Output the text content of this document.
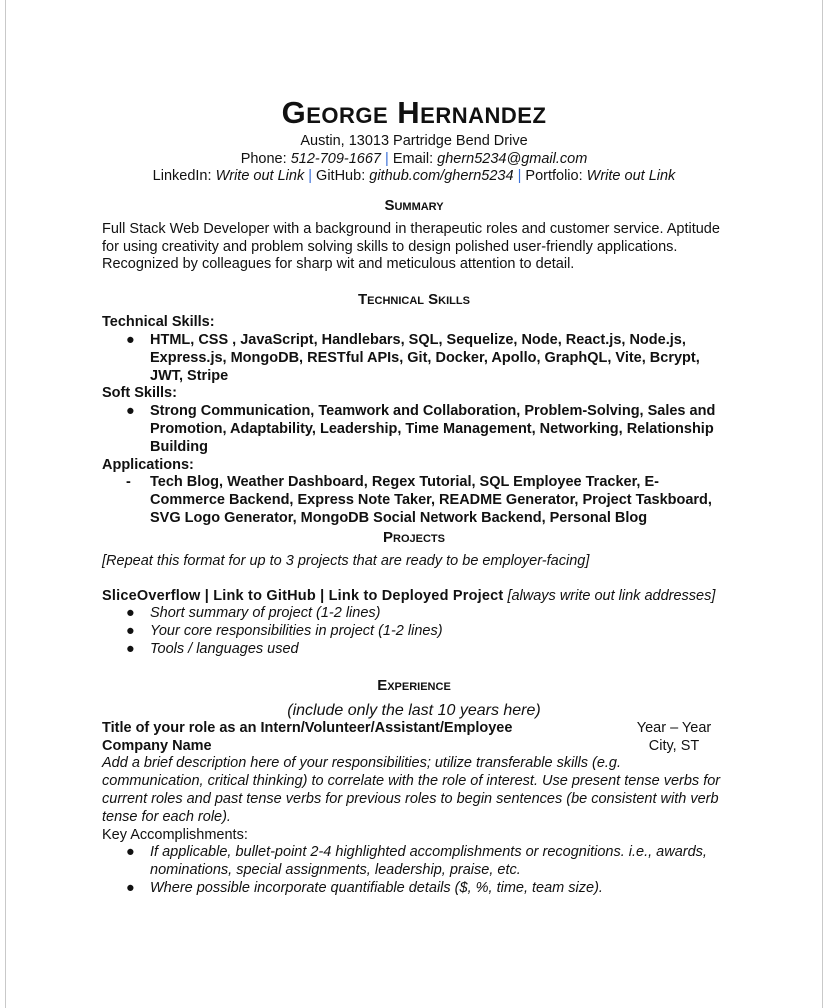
George Hernandez
Austin, 13013 Partridge Bend Drive
Phone: 512-709-1667 | Email: ghern5234@gmail.com
LinkedIn: Write out Link | GitHub: github.com/ghern5234 | Portfolio: Write out Link
Summary

Full Stack Web Developer with a background in therapeutic roles and customer service. Aptitude for using creativity and problem solving skills to design polished user-friendly applications. Recognized by colleagues for sharp wit and meticulous attention to detail.

Technical Skills
Technical Skills:
● HTML, CSS , JavaScript, Handlebars, SQL, Sequelize, Node, React.js, Node.js, Express.js, MongoDB, RESTful APIs, Git, Docker, Apollo, GraphQL, Vite, Bcrypt, JWT, Stripe
Soft Skills:
● Strong Communication, Teamwork and Collaboration, Problem-Solving, Sales and Promotion, Adaptability, Leadership, Time Management, Networking, Relationship Building
Applications:
- Tech Blog, Weather Dashboard, Regex Tutorial, SQL Employee Tracker, E-Commerce Backend, Express Note Taker, README Generator, Project Taskboard, SVG Logo Generator, MongoDB Social Network Backend, Personal Blog
Projects

[Repeat this format for up to 3 projects that are ready to be employer-facing]

SliceOverflow | Link to GitHub | Link to Deployed Project [always write out link addresses]

● Short summary of project (1-2 lines)
● Your core responsibilities in project (1-2 lines)
● Tools / languages used
Experience
(include only the last 10 years here)
Title of your role as an Intern/Volunteer/Assistant/Employee	Year – Year
Company Name	City, ST

Add a brief description here of your responsibilities; utilize transferable skills (e.g. communication, critical thinking) to correlate with the role of interest. Use present tense verbs for current roles and past tense verbs for previous roles to begin sentences (be consistent with verb tense for each role).

Key Accomplishments:
● If applicable, bullet-point 2-4 highlighted accomplishments or recognitions. i.e., awards, nominations, special assignments, leadership, praise, etc.
● Where possible incorporate quantifiable details ($, %, time, team size).
